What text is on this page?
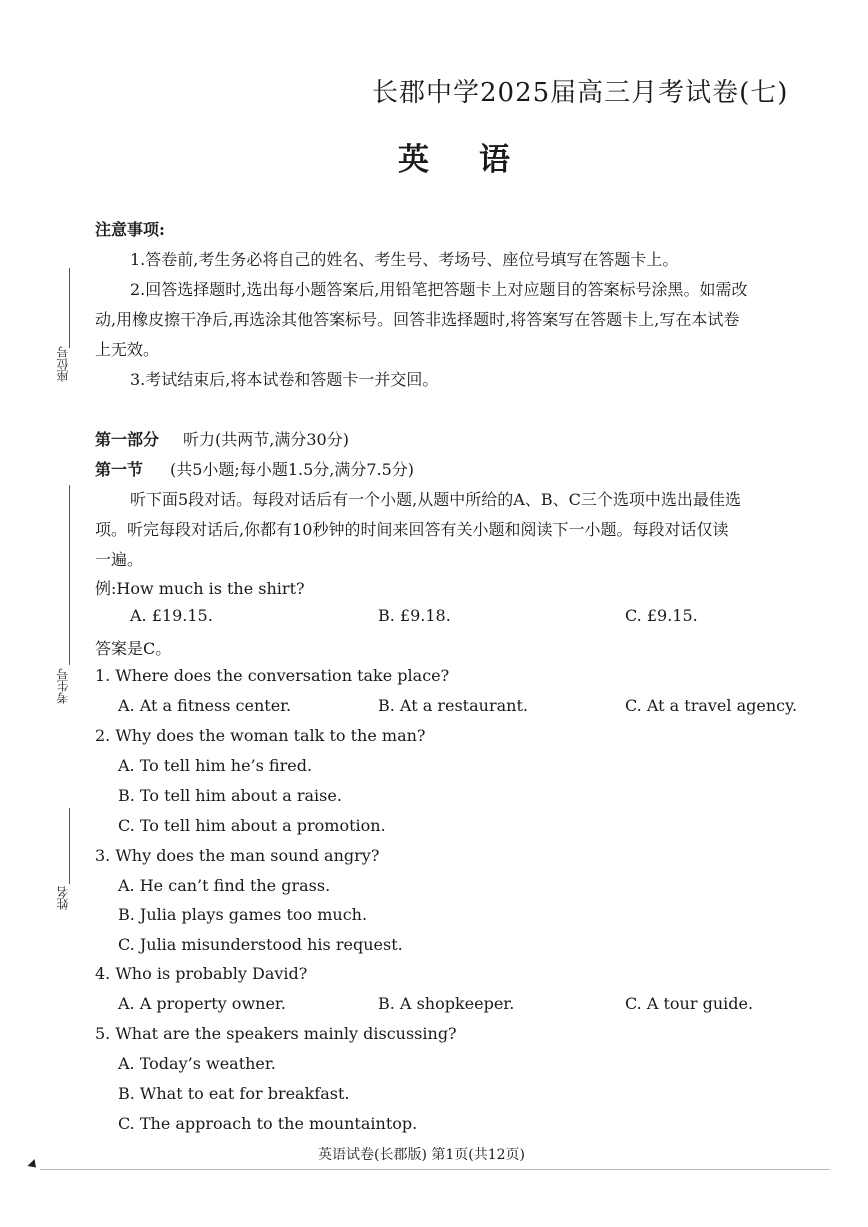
长郡中学2025届高三月考试卷(七)
英语
座位号
考生号
姓名
注意事项:
1.答卷前,考生务必将自己的姓名、考生号、考场号、座位号填写在答题卡上。
2.回答选择题时,选出每小题答案后,用铅笔把答题卡上对应题目的答案标号涂黑。如需改
动,用橡皮擦干净后,再选涂其他答案标号。回答非选择题时,将答案写在答题卡上,写在本试卷
上无效。
3.考试结束后,将本试卷和答题卡一并交回。
第一部分 听力(共两节,满分30分)
第一节 (共5小题;每小题1.5分,满分7.5分)
听下面5段对话。每段对话后有一个小题,从题中所给的A、B、C三个选项中选出最佳选
项。听完每段对话后,你都有10秒钟的时间来回答有关小题和阅读下一小题。每段对话仅读
一遍。
例:How much is the shirt?
A. £19.15.	B. £9.18.	C. £9.15.
答案是C。
1. Where does the conversation take place?
A. At a fitness center.	B. At a restaurant.	C. At a travel agency.
2. Why does the woman talk to the man?
A. To tell him he’s fired.
B. To tell him about a raise.
C. To tell him about a promotion.
3. Why does the man sound angry?
A. He can’t find the grass.
B. Julia plays games too much.
C. Julia misunderstood his request.
4. Who is probably David?
A. A property owner.	B. A shopkeeper.	C. A tour guide.
5. What are the speakers mainly discussing?
A. Today’s weather.
B. What to eat for breakfast.
C. The approach to the mountaintop.
英语试卷(长郡版) 第1页(共12页)
